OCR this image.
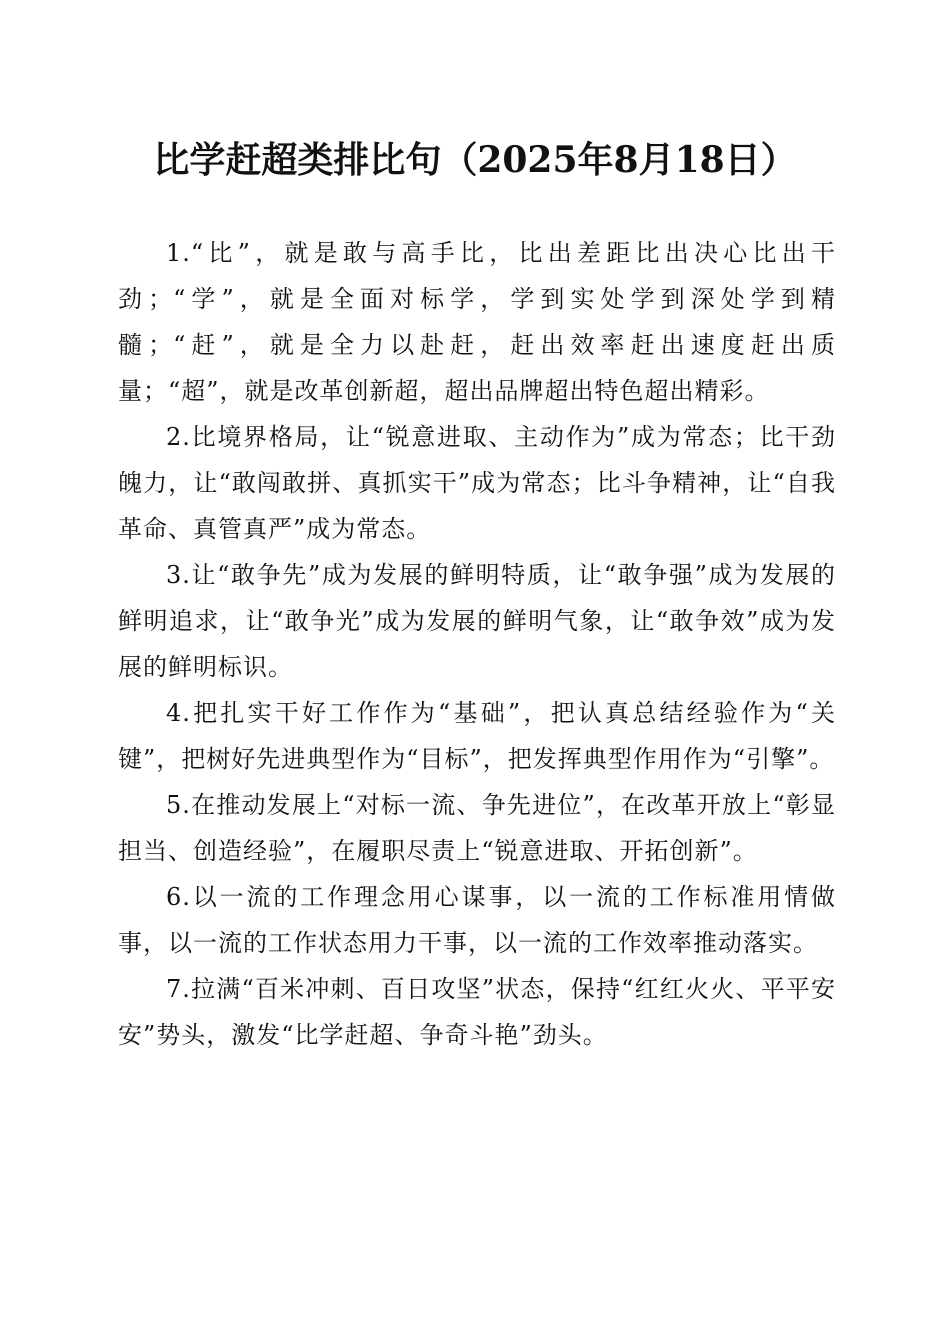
比学赶超类排比句（2025年8月18日）

1.“比”，就是敢与高手比，比出差距比出决心比出干劲；“学”，就是全面对标学，学到实处学到深处学到精髓；“赶”，就是全力以赴赶，赶出效率赶出速度赶出质量；“超”，就是改革创新超，超出品牌超出特色超出精彩。

2.比境界格局，让“锐意进取、主动作为”成为常态；比干劲魄力，让“敢闯敢拼、真抓实干”成为常态；比斗争精神，让“自我革命、真管真严”成为常态。

3.让“敢争先”成为发展的鲜明特质，让“敢争强”成为发展的鲜明追求，让“敢争光”成为发展的鲜明气象，让“敢争效”成为发展的鲜明标识。

4.把扎实干好工作作为“基础”，把认真总结经验作为“关键”，把树好先进典型作为“目标”，把发挥典型作用作为“引擎”。

5.在推动发展上“对标一流、争先进位”，在改革开放上“彰显担当、创造经验”，在履职尽责上“锐意进取、开拓创新”。

6.以一流的工作理念用心谋事，以一流的工作标准用情做事，以一流的工作状态用力干事，以一流的工作效率推动落实。

7.拉满“百米冲刺、百日攻坚”状态，保持“红红火火、平平安安”势头，激发“比学赶超、争奇斗艳”劲头。
